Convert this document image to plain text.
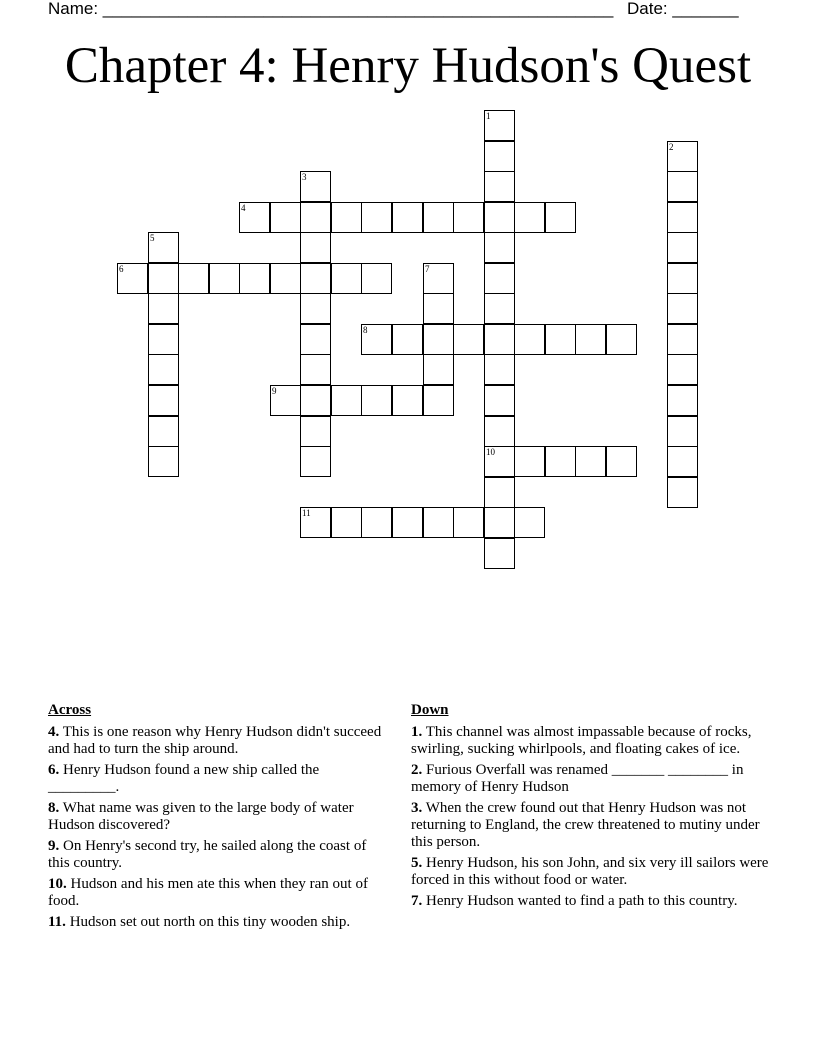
Name: ______________________________________________________ Date: _______
Chapter 4: Henry Hudson's Quest
1
10
2
3
4
5
6	7
8
9
11
Across
4. This is one reason why Henry Hudson didn't succeed and had to turn the ship around.
6. Henry Hudson found a new ship called the _________.
8. What name was given to the large body of water Hudson discovered?
9. On Henry's second try, he sailed along the coast of this country.
10. Hudson and his men ate this when they ran out of food.
11. Hudson set out north on this tiny wooden ship.
Down
1. This channel was almost impassable because of rocks, swirling, sucking whirlpools, and floating cakes of ice.
2. Furious Overfall was renamed _______ ________ in memory of Henry Hudson
3. When the crew found out that Henry Hudson was not returning to England, the crew threatened to mutiny under this person.
5. Henry Hudson, his son John, and six very ill sailors were forced in this without food or water.
7. Henry Hudson wanted to find a path to this country.
